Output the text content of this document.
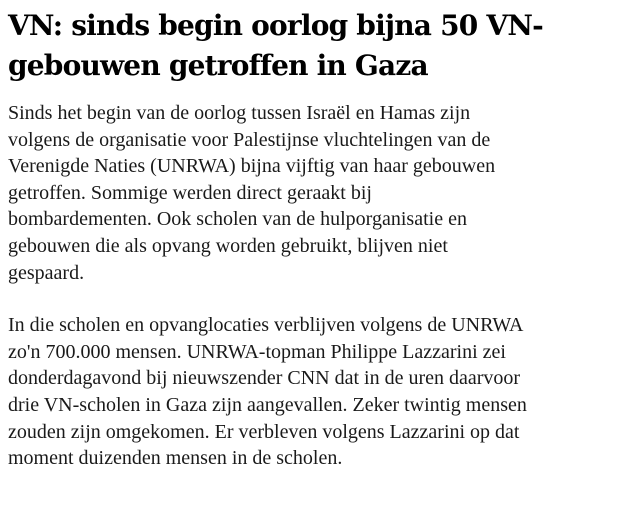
VN: sinds begin oorlog bijna 50 VN-
gebouwen getroffen in Gaza

Sinds het begin van de oorlog tussen Israël en Hamas zijn
volgens de organisatie voor Palestijnse vluchtelingen van de
Verenigde Naties (UNRWA) bijna vijftig van haar gebouwen
getroffen. Sommige werden direct geraakt bij
bombardementen. Ook scholen van de hulporganisatie en
gebouwen die als opvang worden gebruikt, blijven niet
gespaard.

In die scholen en opvanglocaties verblijven volgens de UNRWA
zo'n 700.000 mensen. UNRWA-topman Philippe Lazzarini zei
donderdagavond bij nieuwszender CNN dat in de uren daarvoor
drie VN-scholen in Gaza zijn aangevallen. Zeker twintig mensen
zouden zijn omgekomen. Er verbleven volgens Lazzarini op dat
moment duizenden mensen in de scholen.
